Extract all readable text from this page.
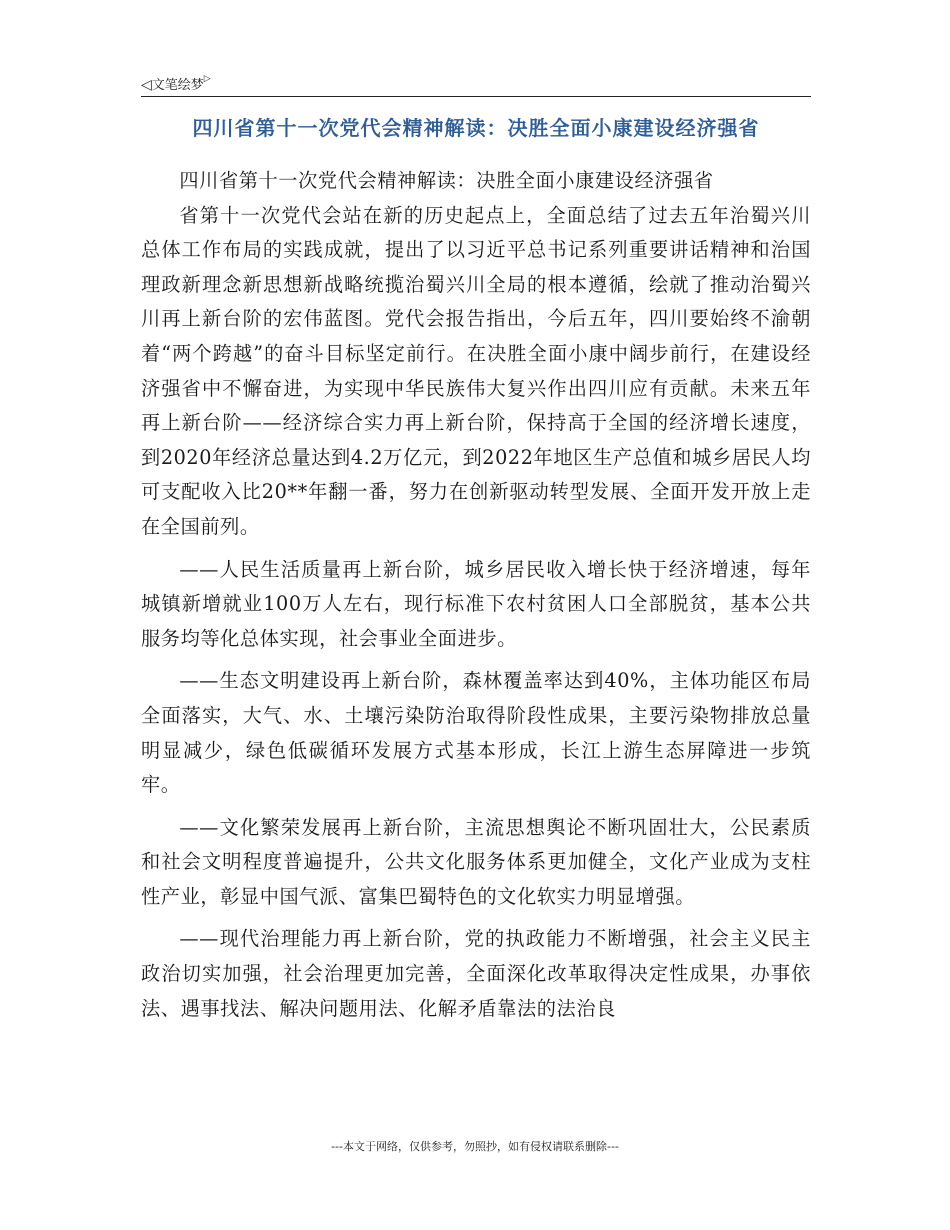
◁文笔绘梦▷
四川省第十一次党代会精神解读：决胜全面小康建设经济强省

四川省第十一次党代会精神解读：决胜全面小康建设经济强省

省第十一次党代会站在新的历史起点上，全面总结了过去五年治蜀兴川总体工作布局的实践成就，提出了以习近平总书记系列重要讲话精神和治国理政新理念新思想新战略统揽治蜀兴川全局的根本遵循，绘就了推动治蜀兴川再上新台阶的宏伟蓝图。党代会报告指出，今后五年，四川要始终不渝朝着“两个跨越”的奋斗目标坚定前行。在决胜全面小康中阔步前行，在建设经济强省中不懈奋进，为实现中华民族伟大复兴作出四川应有贡献。未来五年再上新台阶——经济综合实力再上新台阶，保持高于全国的经济增长速度，到2020年经济总量达到4.2万亿元，到2022年地区生产总值和城乡居民人均可支配收入比20**年翻一番，努力在创新驱动转型发展、全面开发开放上走在全国前列。

——人民生活质量再上新台阶，城乡居民收入增长快于经济增速，每年城镇新增就业100万人左右，现行标准下农村贫困人口全部脱贫，基本公共服务均等化总体实现，社会事业全面进步。

——生态文明建设再上新台阶，森林覆盖率达到40%，主体功能区布局全面落实，大气、水、土壤污染防治取得阶段性成果，主要污染物排放总量明显减少，绿色低碳循环发展方式基本形成，长江上游生态屏障进一步筑牢。

——文化繁荣发展再上新台阶，主流思想舆论不断巩固壮大，公民素质和社会文明程度普遍提升，公共文化服务体系更加健全，文化产业成为支柱性产业，彰显中国气派、富集巴蜀特色的文化软实力明显增强。

——现代治理能力再上新台阶，党的执政能力不断增强，社会主义民主政治切实加强，社会治理更加完善，全面深化改革取得决定性成果，办事依法、遇事找法、解决问题用法、化解矛盾靠法的法治良

---本文于网络，仅供参考，勿照抄，如有侵权请联系删除---
